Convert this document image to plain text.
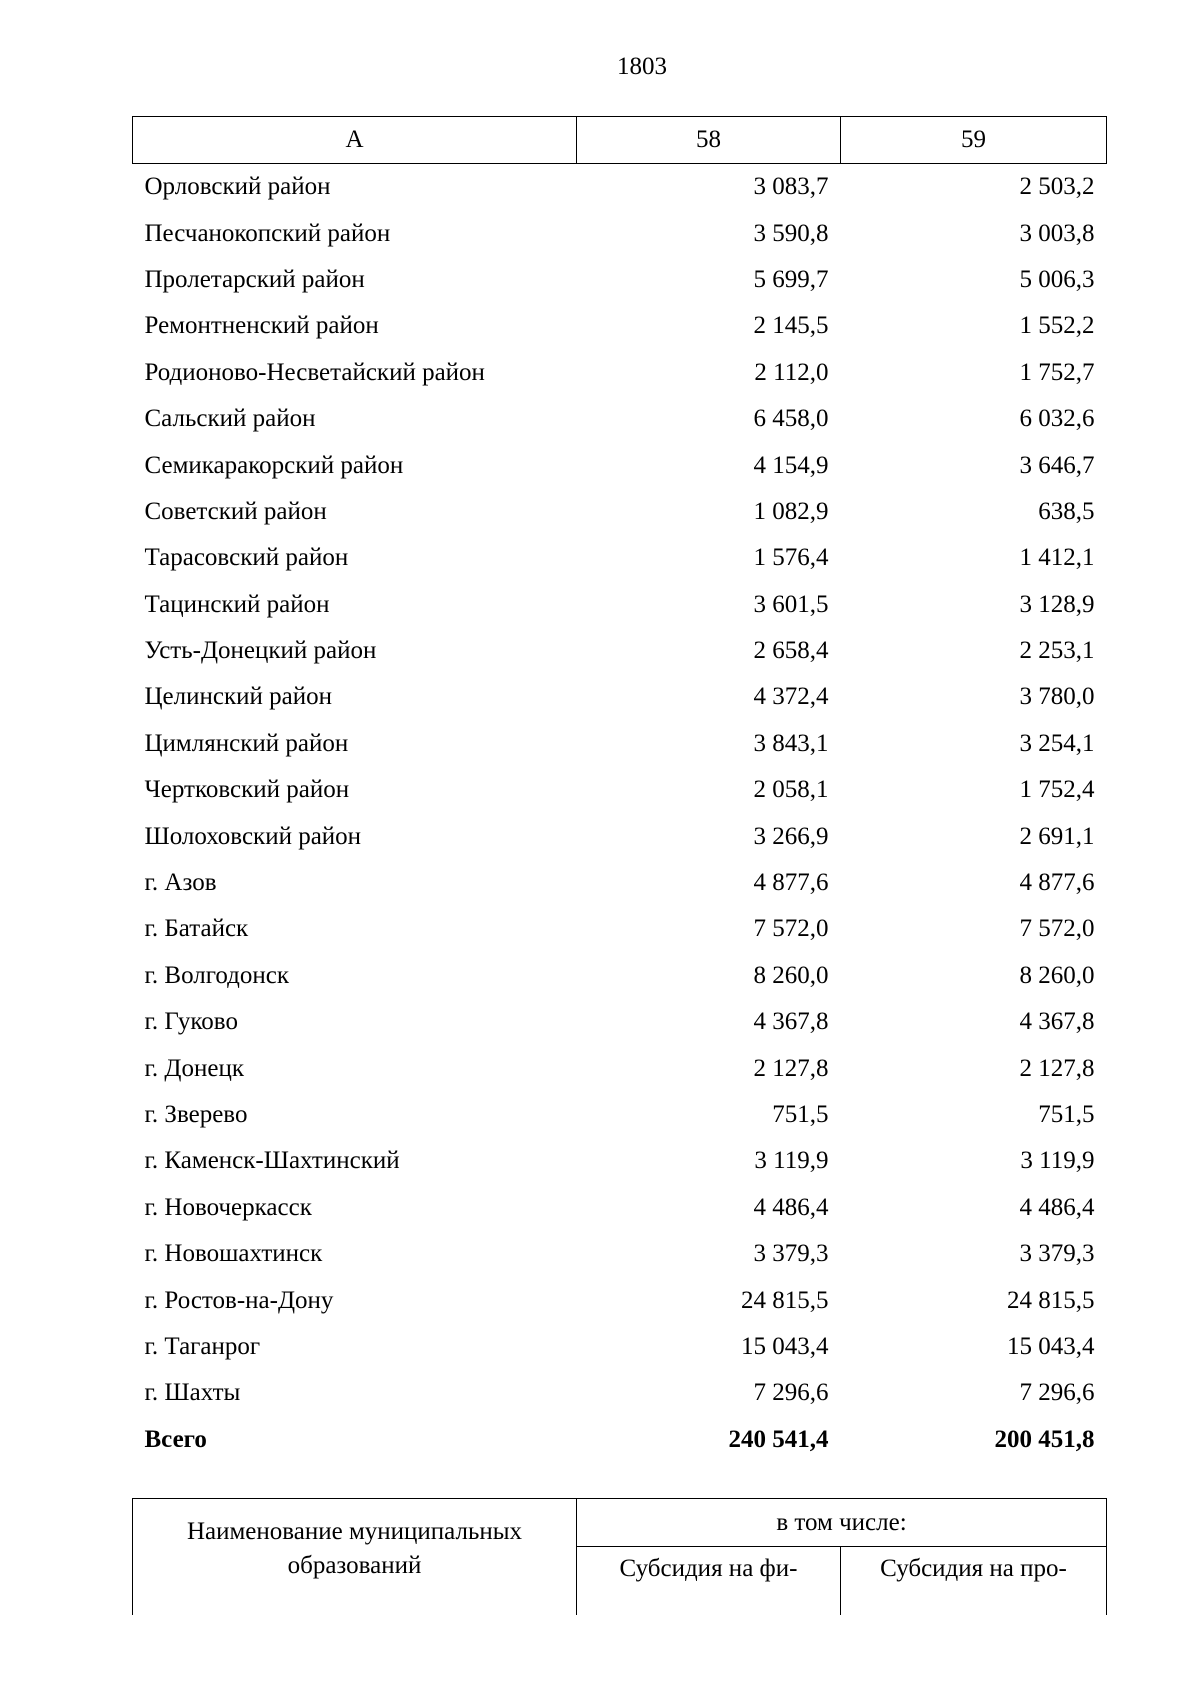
1803
А	58	59
Орловский район	3 083,7	2 503,2
Песчанокопский район	3 590,8	3 003,8
Пролетарский район	5 699,7	5 006,3
Ремонтненский район	2 145,5	1 552,2
Родионово-Несветайский район	2 112,0	1 752,7
Сальский район	6 458,0	6 032,6
Семикаракорский район	4 154,9	3 646,7
Советский район	1 082,9	638,5
Тарасовский район	1 576,4	1 412,1
Тацинский район	3 601,5	3 128,9
Усть-Донецкий район	2 658,4	2 253,1
Целинский район	4 372,4	3 780,0
Цимлянский район	3 843,1	3 254,1
Чертковский район	2 058,1	1 752,4
Шолоховский район	3 266,9	2 691,1
г. Азов	4 877,6	4 877,6
г. Батайск	7 572,0	7 572,0
г. Волгодонск	8 260,0	8 260,0
г. Гуково	4 367,8	4 367,8
г. Донецк	2 127,8	2 127,8
г. Зверево	751,5	751,5
г. Каменск-Шахтинский	3 119,9	3 119,9
г. Новочеркасск	4 486,4	4 486,4
г. Новошахтинск	3 379,3	3 379,3
г. Ростов-на-Дону	24 815,5	24 815,5
г. Таганрог	15 043,4	15 043,4
г. Шахты	7 296,6	7 296,6
Всего	240 541,4	200 451,8
Наименование муниципальных образований	в том числе:	
	Субсидия на фи-	Субсидия на про-
